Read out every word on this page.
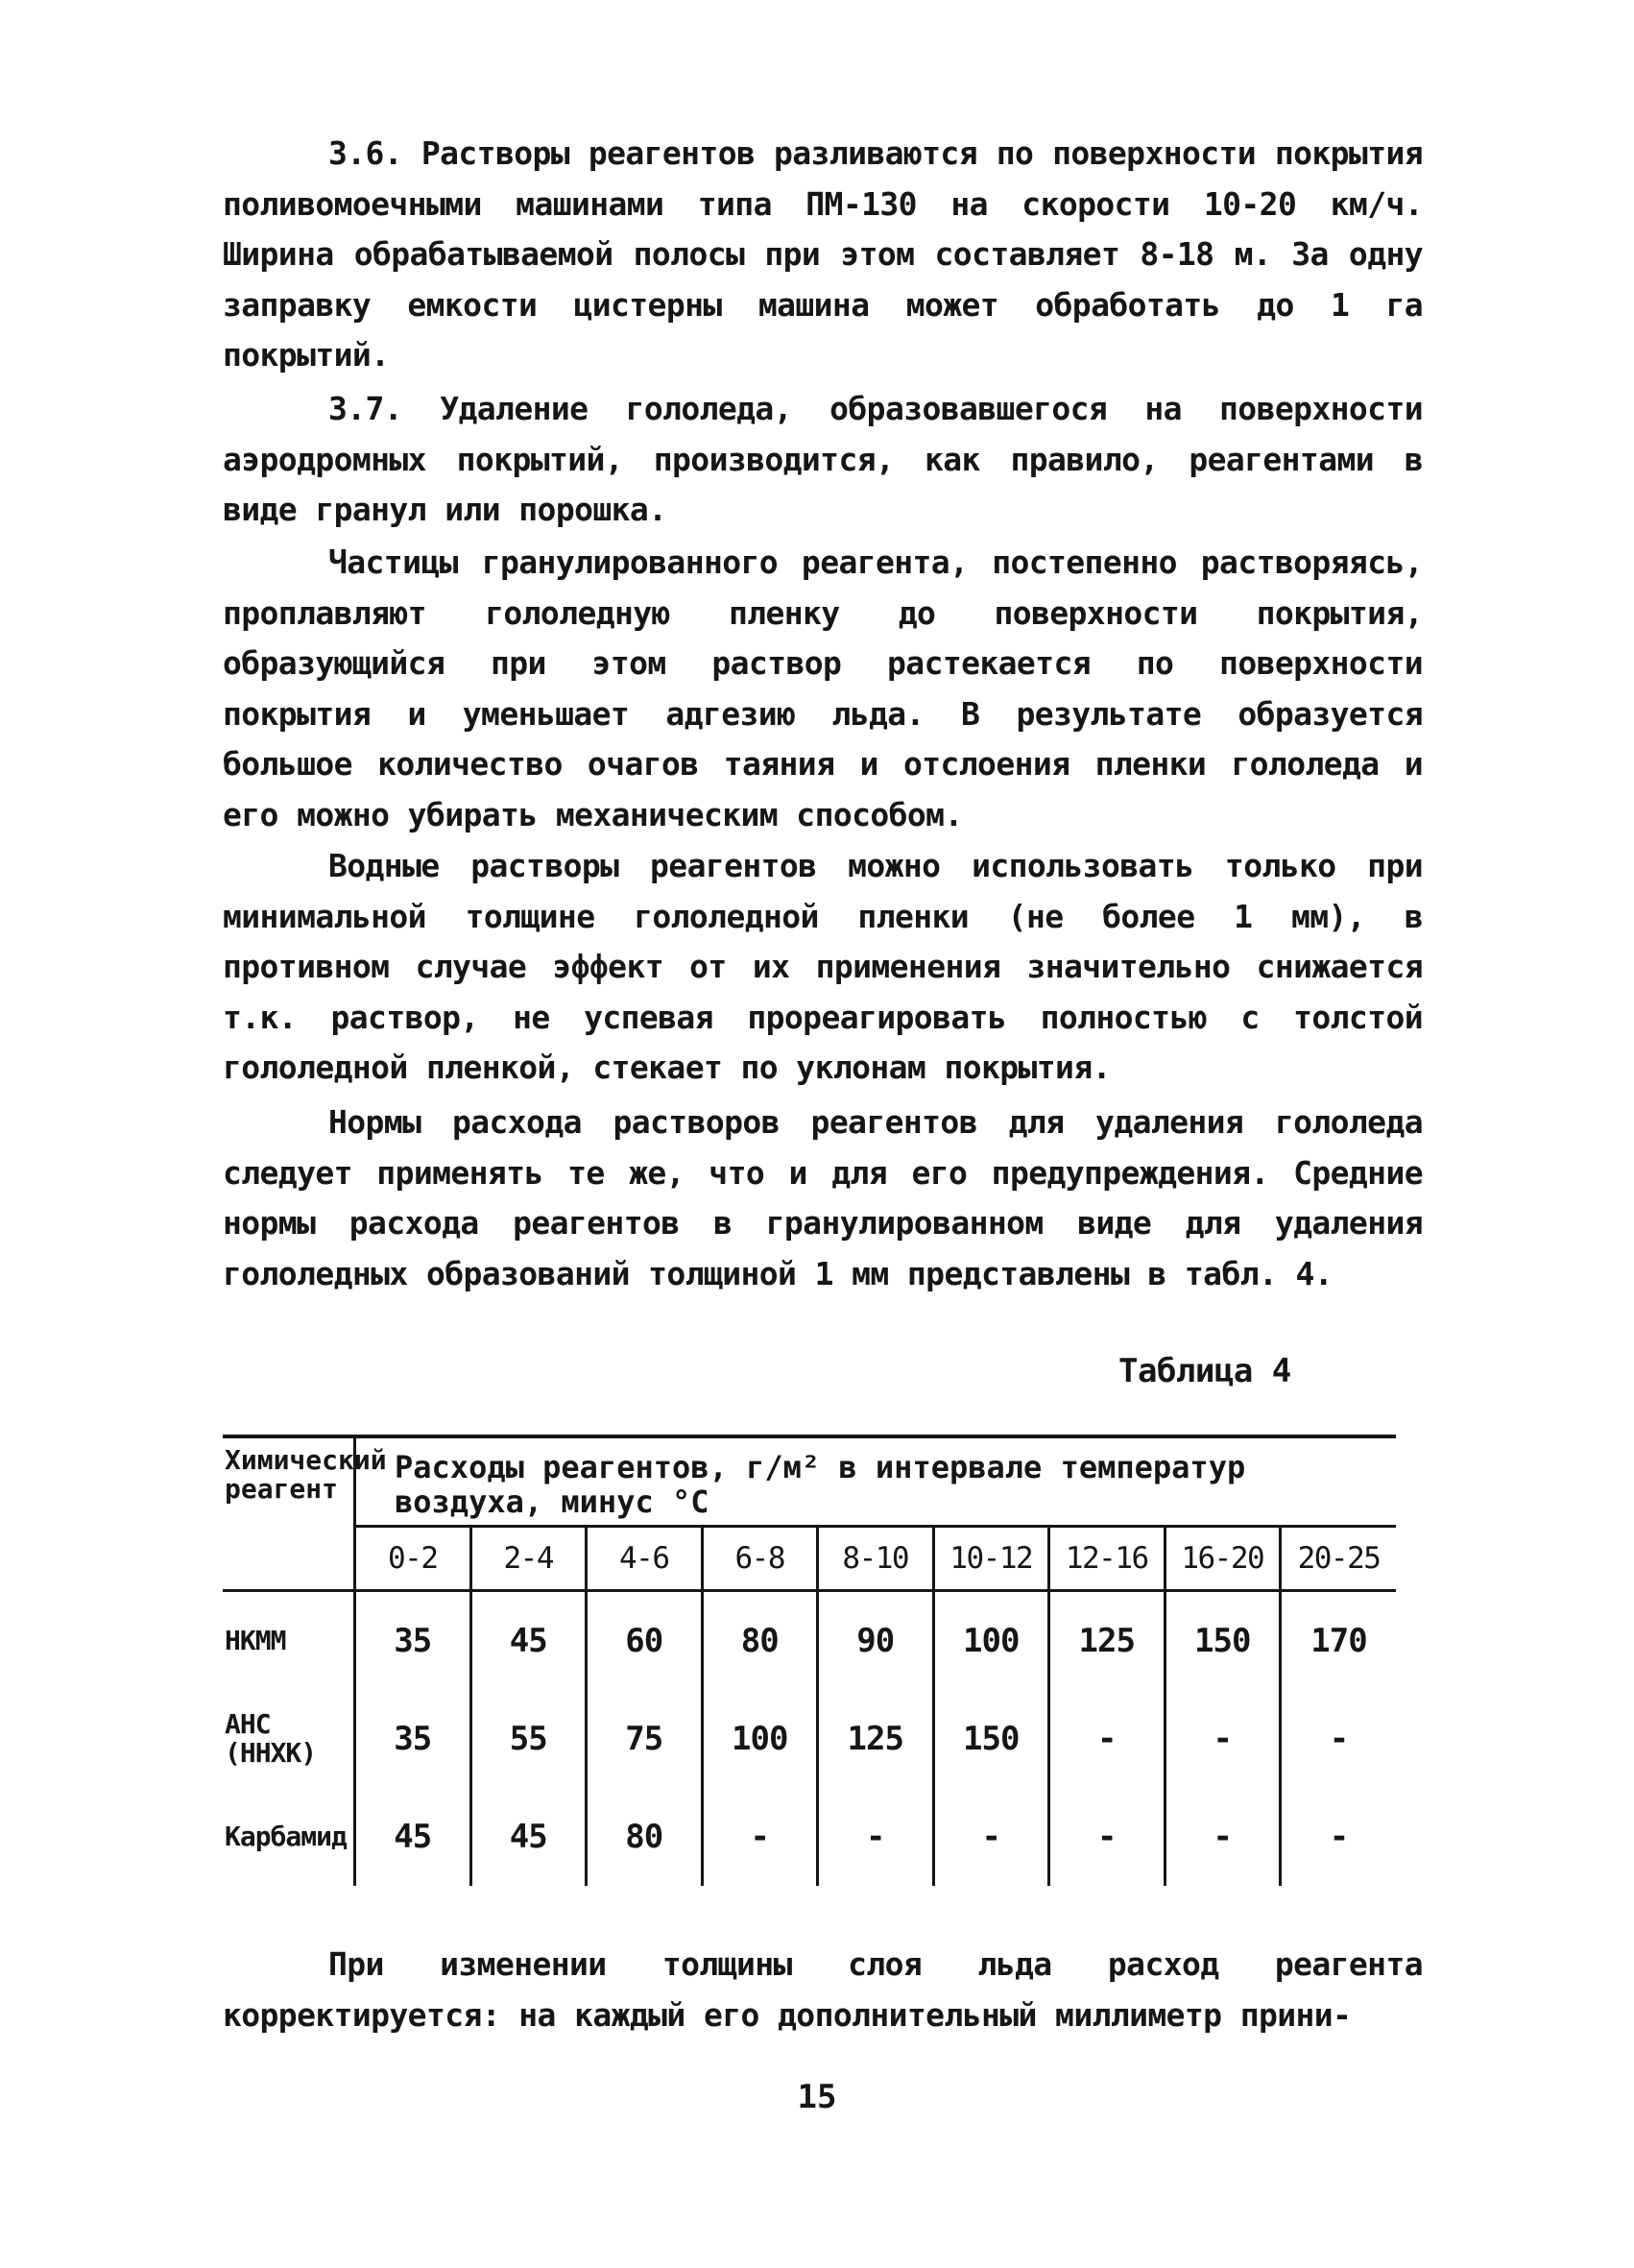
3.6. Растворы реагентов разливаются по поверхности покрытия поливомоечными машинами типа ПМ-130 на скорости 10-20 км/ч. Ширина обрабатываемой полосы при этом составляет 8-18 м. За одну заправку емкости цистерны машина может обработать до 1 га покрытий.
3.7. Удаление гололеда, образовавшегося на поверхности аэродромных покрытий, производится, как правило, реагентами в виде гранул или порошка.
Частицы гранулированного реагента, постепенно растворяясь, проплавляют гололедную пленку до поверхности покрытия, образующийся при этом раствор растекается по поверхности покрытия и уменьшает адгезию льда. В результате образуется большое количество очагов таяния и отслоения пленки гололеда и его можно убирать механическим способом.
Водные растворы реагентов можно использовать только при минимальной толщине гололедной пленки (не более 1 мм), в противном случае эффект от их применения значительно снижается т.к. раствор, не успевая прореагировать полностью с толстой гололедной пленкой, стекает по уклонам покрытия.
Нормы расхода растворов реагентов для удаления гололеда следует применять те же, что и для его предупреждения. Средние нормы расхода реагентов в гранулированном виде для удаления гололедных образований толщиной 1 мм представлены в табл. 4.
Таблица 4
Химический реагент	Расходы реагентов, г/м² в интервале температур воздуха, минус °С								
	0-2	2-4	4-6	6-8	8-10	10-12	12-16	16-20	20-25
НКММ	35	45	60	80	90	100	125	150	170
АНС (ННХК)	35	55	75	100	125	150	-	-	-
Карбамид	45	45	80	-	-	-	-	-	-
При изменении толщины слоя льда расход реагента корректируется: на каждый его дополнительный миллиметр прини-
15
